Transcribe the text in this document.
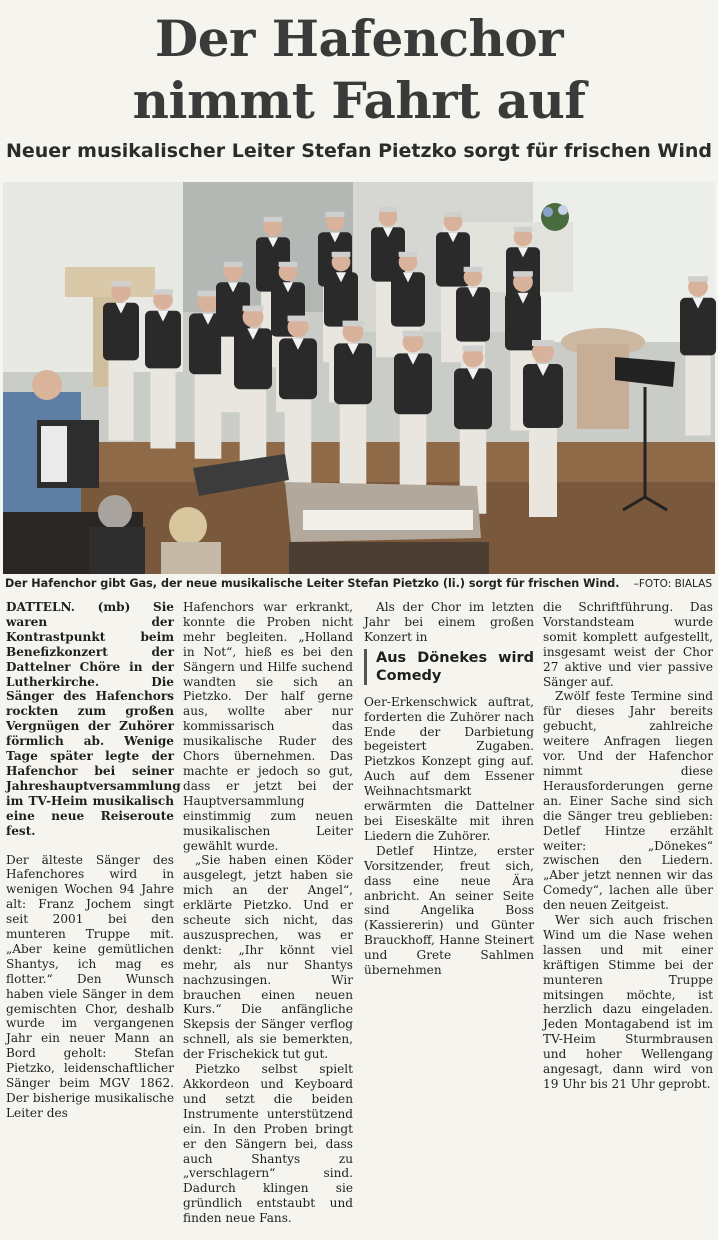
Der Hafenchor
nimmt Fahrt auf
Neuer musikalischer Leiter Stefan Pietzko sorgt für frischen Wind
Der Hafenchor gibt Gas, der neue musikalische Leiter Stefan Pietzko (li.) sorgt für frischen Wind.	–FOTO: BIALAS

DATTELN. (mb) Sie waren der Kontrastpunkt beim Benefizkonzert der Dattelner Chöre in der Lutherkirche. Die Sänger des Hafenchors rockten zum großen Vergnügen der Zuhörer förmlich ab. Wenige Tage später legte der Hafenchor bei seiner Jahreshauptversammlung im TV-Heim musikalisch eine neue Reiseroute fest.

Der älteste Sänger des Hafenchores wird in wenigen Wochen 94 Jahre alt: Franz Jochem singt seit 2001 bei den munteren Truppe mit. „Aber keine gemütlichen Shantys, ich mag es flotter.“ Den Wunsch haben viele Sänger in dem gemischten Chor, deshalb wurde im vergangenen Jahr ein neuer Mann an Bord geholt: Stefan Pietzko, leidenschaftlicher Sänger beim MGV 1862. Der bisherige musikalische Leiter des

Hafenchors war erkrankt, konnte die Proben nicht mehr begleiten. „Holland in Not“, hieß es bei den Sängern und Hilfe suchend wandten sie sich an Pietzko. Der half gerne aus, wollte aber nur kommissarisch das musikalische Ruder des Chors übernehmen. Das machte er jedoch so gut, dass er jetzt bei der Hauptversammlung einstimmig zum neuen musikalischen Leiter gewählt wurde.

„Sie haben einen Köder ausgelegt, jetzt haben sie mich an der Angel“, erklärte Pietzko. Und er scheute sich nicht, das auszusprechen, was er denkt: „Ihr könnt viel mehr, als nur Shantys nachzusingen. Wir brauchen einen neuen Kurs.“ Die anfängliche Skepsis der Sänger verflog schnell, als sie bemerkten, der Frischekick tut gut.

Pietzko selbst spielt Akkordeon und Keyboard und setzt die beiden Instrumente unterstützend ein. In den Proben bringt er den Sängern bei, dass auch Shantys zu „verschlagern“ sind. Dadurch klingen sie gründlich entstaubt und finden neue Fans.

Als der Chor im letzten Jahr bei einem großen Konzert in

Aus Dönekes wird Comedy

Oer-Erkenschwick auftrat, forderten die Zuhörer nach Ende der Darbietung begeistert Zugaben. Pietzkos Konzept ging auf. Auch auf dem Essener Weihnachtsmarkt erwärmten die Dattelner bei Eiseskälte mit ihren Liedern die Zuhörer.

Detlef Hintze, erster Vorsitzender, freut sich, dass eine neue Ära anbricht. An seiner Seite sind Angelika Boss (Kassiererin) und Günter Brauckhoff, Hanne Steinert und Grete Sahlmen übernehmen

die Schriftführung. Das Vorstandsteam wurde somit komplett aufgestellt, insgesamt weist der Chor 27 aktive und vier passive Sänger auf.

Zwölf feste Termine sind für dieses Jahr bereits gebucht, zahlreiche weitere Anfragen liegen vor. Und der Hafenchor nimmt diese Herausforderungen gerne an. Einer Sache sind sich die Sänger treu geblieben: Detlef Hintze erzählt weiter: „Dönekes“ zwischen den Liedern. „Aber jetzt nennen wir das Comedy“, lachen alle über den neuen Zeitgeist.

Wer sich auch frischen Wind um die Nase wehen lassen und mit einer kräftigen Stimme bei der munteren Truppe mitsingen möchte, ist herzlich dazu eingeladen. Jeden Montagabend ist im TV-Heim Sturmbrausen und hoher Wellengang angesagt, dann wird von 19 Uhr bis 21 Uhr geprobt.
